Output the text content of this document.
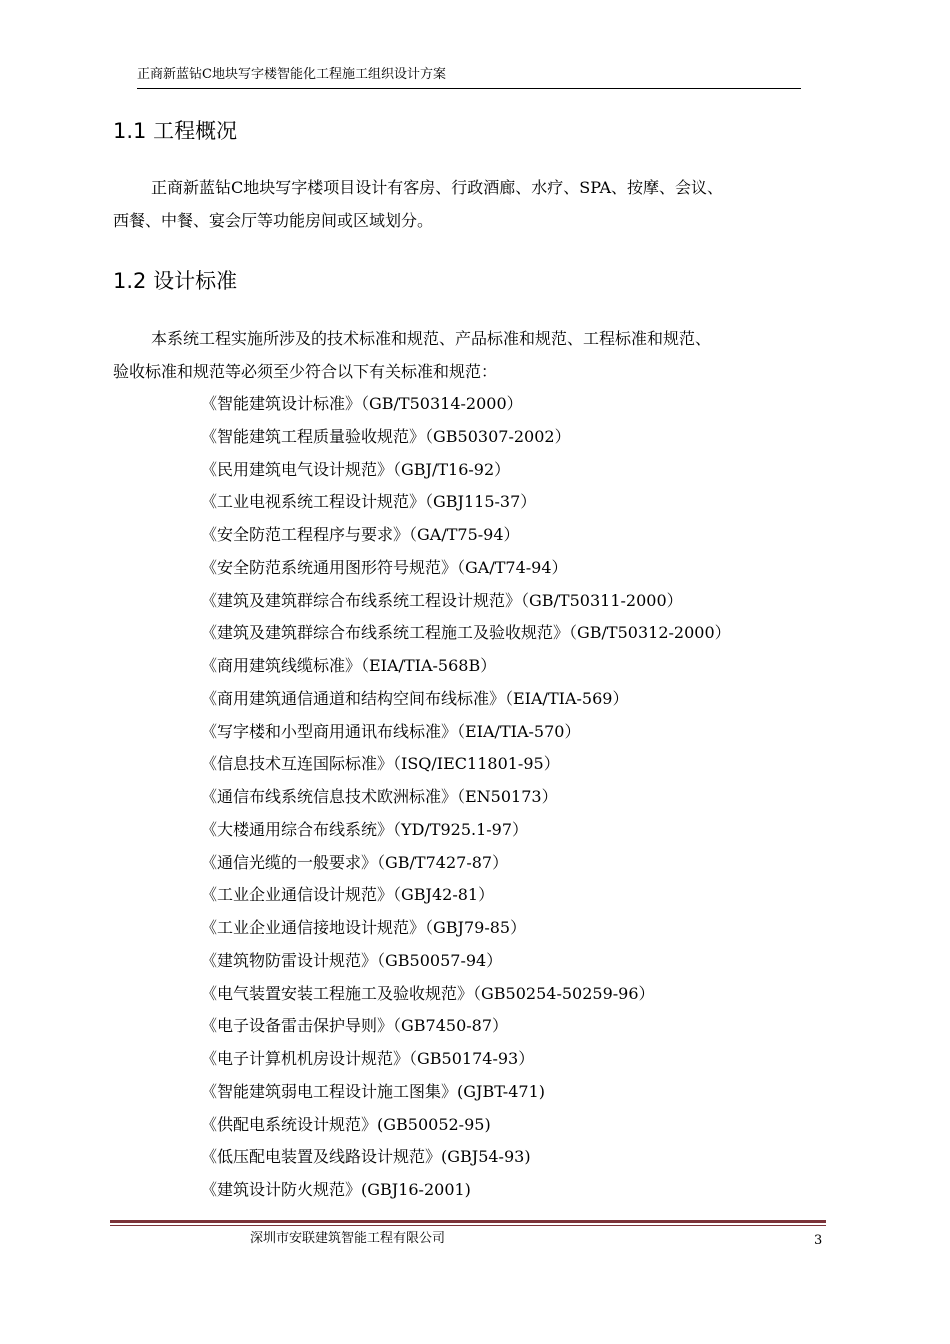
正商新蓝钻C地块写字楼智能化工程施工组织设计方案
1.1 工程概况
正商新蓝钻C地块写字楼项目设计有客房、行政酒廊、水疗、SPA、按摩、会议、
西餐、中餐、宴会厅等功能房间或区域划分。
1.2 设计标准
本系统工程实施所涉及的技术标准和规范、产品标准和规范、工程标准和规范、
验收标准和规范等必须至少符合以下有关标准和规范：
《智能建筑设计标准》（GB/T50314-2000）
《智能建筑工程质量验收规范》（GB50307-2002）
《民用建筑电气设计规范》（GBJ/T16-92）
《工业电视系统工程设计规范》（GBJ115-37）
《安全防范工程程序与要求》（GA/T75-94）
《安全防范系统通用图形符号规范》（GA/T74-94）
《建筑及建筑群综合布线系统工程设计规范》（GB/T50311-2000）
《建筑及建筑群综合布线系统工程施工及验收规范》（GB/T50312-2000）
《商用建筑线缆标准》（EIA/TIA-568B）
《商用建筑通信通道和结构空间布线标准》（EIA/TIA-569）
《写字楼和小型商用通讯布线标准》（EIA/TIA-570）
《信息技术互连国际标准》（ISQ/IEC11801-95）
《通信布线系统信息技术欧洲标准》（EN50173）
《大楼通用综合布线系统》（YD/T925.1-97）
《通信光缆的一般要求》（GB/T7427-87）
《工业企业通信设计规范》（GBJ42-81）
《工业企业通信接地设计规范》（GBJ79-85）
《建筑物防雷设计规范》（GB50057-94）
《电气装置安装工程施工及验收规范》（GB50254-50259-96）
《电子设备雷击保护导则》（GB7450-87）
《电子计算机机房设计规范》（GB50174-93）
《智能建筑弱电工程设计施工图集》(GJBT-471)
《供配电系统设计规范》(GB50052-95)
《低压配电装置及线路设计规范》(GBJ54-93)
《建筑设计防火规范》(GBJ16-2001)
深圳市安联建筑智能工程有限公司	3
